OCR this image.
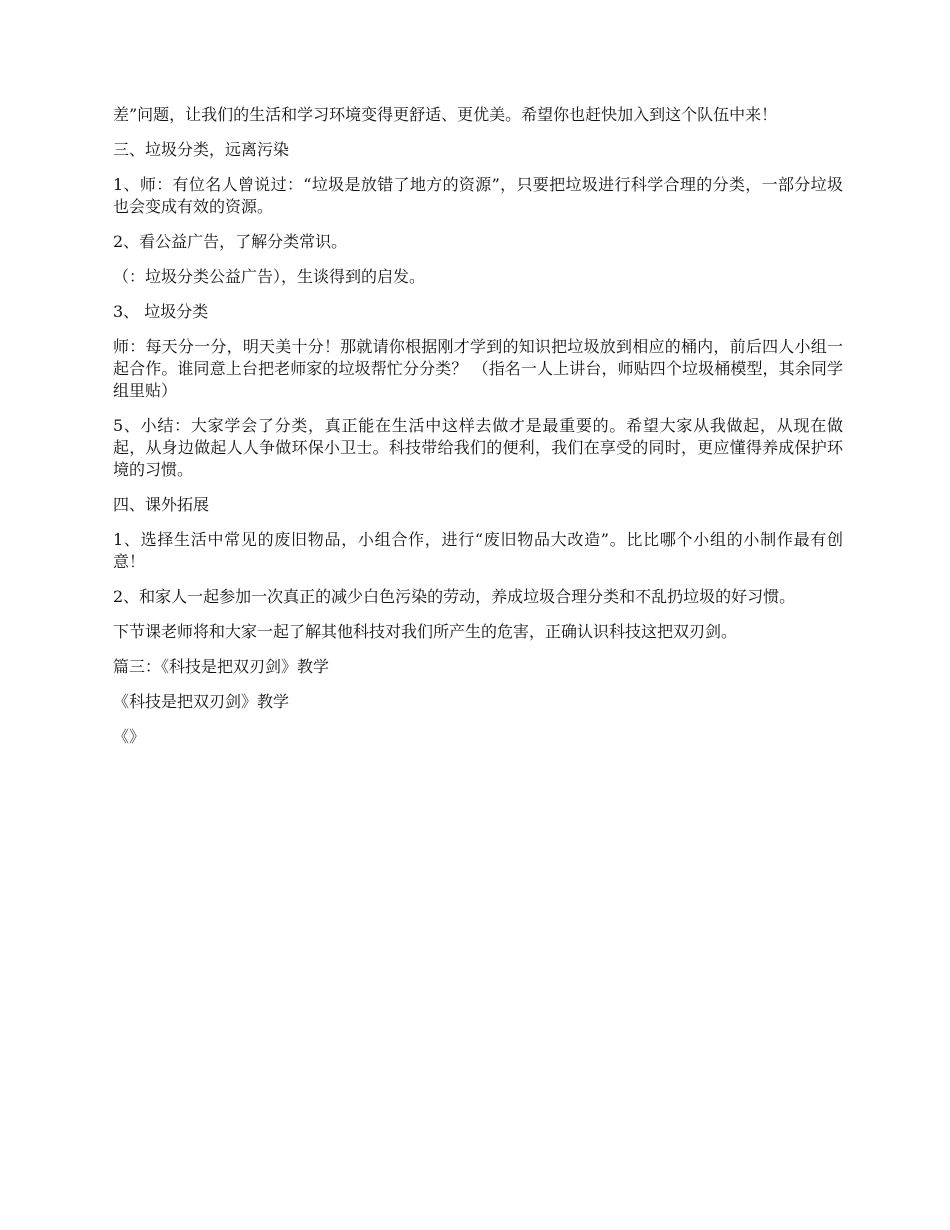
差”问题，让我们的生活和学习环境变得更舒适、更优美。希望你也赶快加入到这个队伍中来！

三、垃圾分类，远离污染

1、师：有位名人曾说过：“垃圾是放错了地方的资源”，只要把垃圾进行科学合理的分类，一部分垃圾也会变成有效的资源。

2、看公益广告，了解分类常识。

（：垃圾分类公益广告），生谈得到的启发。

3、 垃圾分类

师：每天分一分，明天美十分！那就请你根据刚才学到的知识把垃圾放到相应的桶内，前后四人小组一起合作。谁同意上台把老师家的垃圾帮忙分分类？ （指名一人上讲台，师贴四个垃圾桶模型，其余同学组里贴）

5、小结：大家学会了分类，真正能在生活中这样去做才是最重要的。希望大家从我做起，从现在做起，从身边做起人人争做环保小卫士。科技带给我们的便利，我们在享受的同时，更应懂得养成保护环境的习惯。

四、课外拓展

1、选择生活中常见的废旧物品，小组合作，进行“废旧物品大改造”。比比哪个小组的小制作最有创意！

2、和家人一起参加一次真正的减少白色污染的劳动，养成垃圾合理分类和不乱扔垃圾的好习惯。

下节课老师将和大家一起了解其他科技对我们所产生的危害，正确认识科技这把双刃剑。

篇三：《科技是把双刃剑》教学

《科技是把双刃剑》教学

《》
